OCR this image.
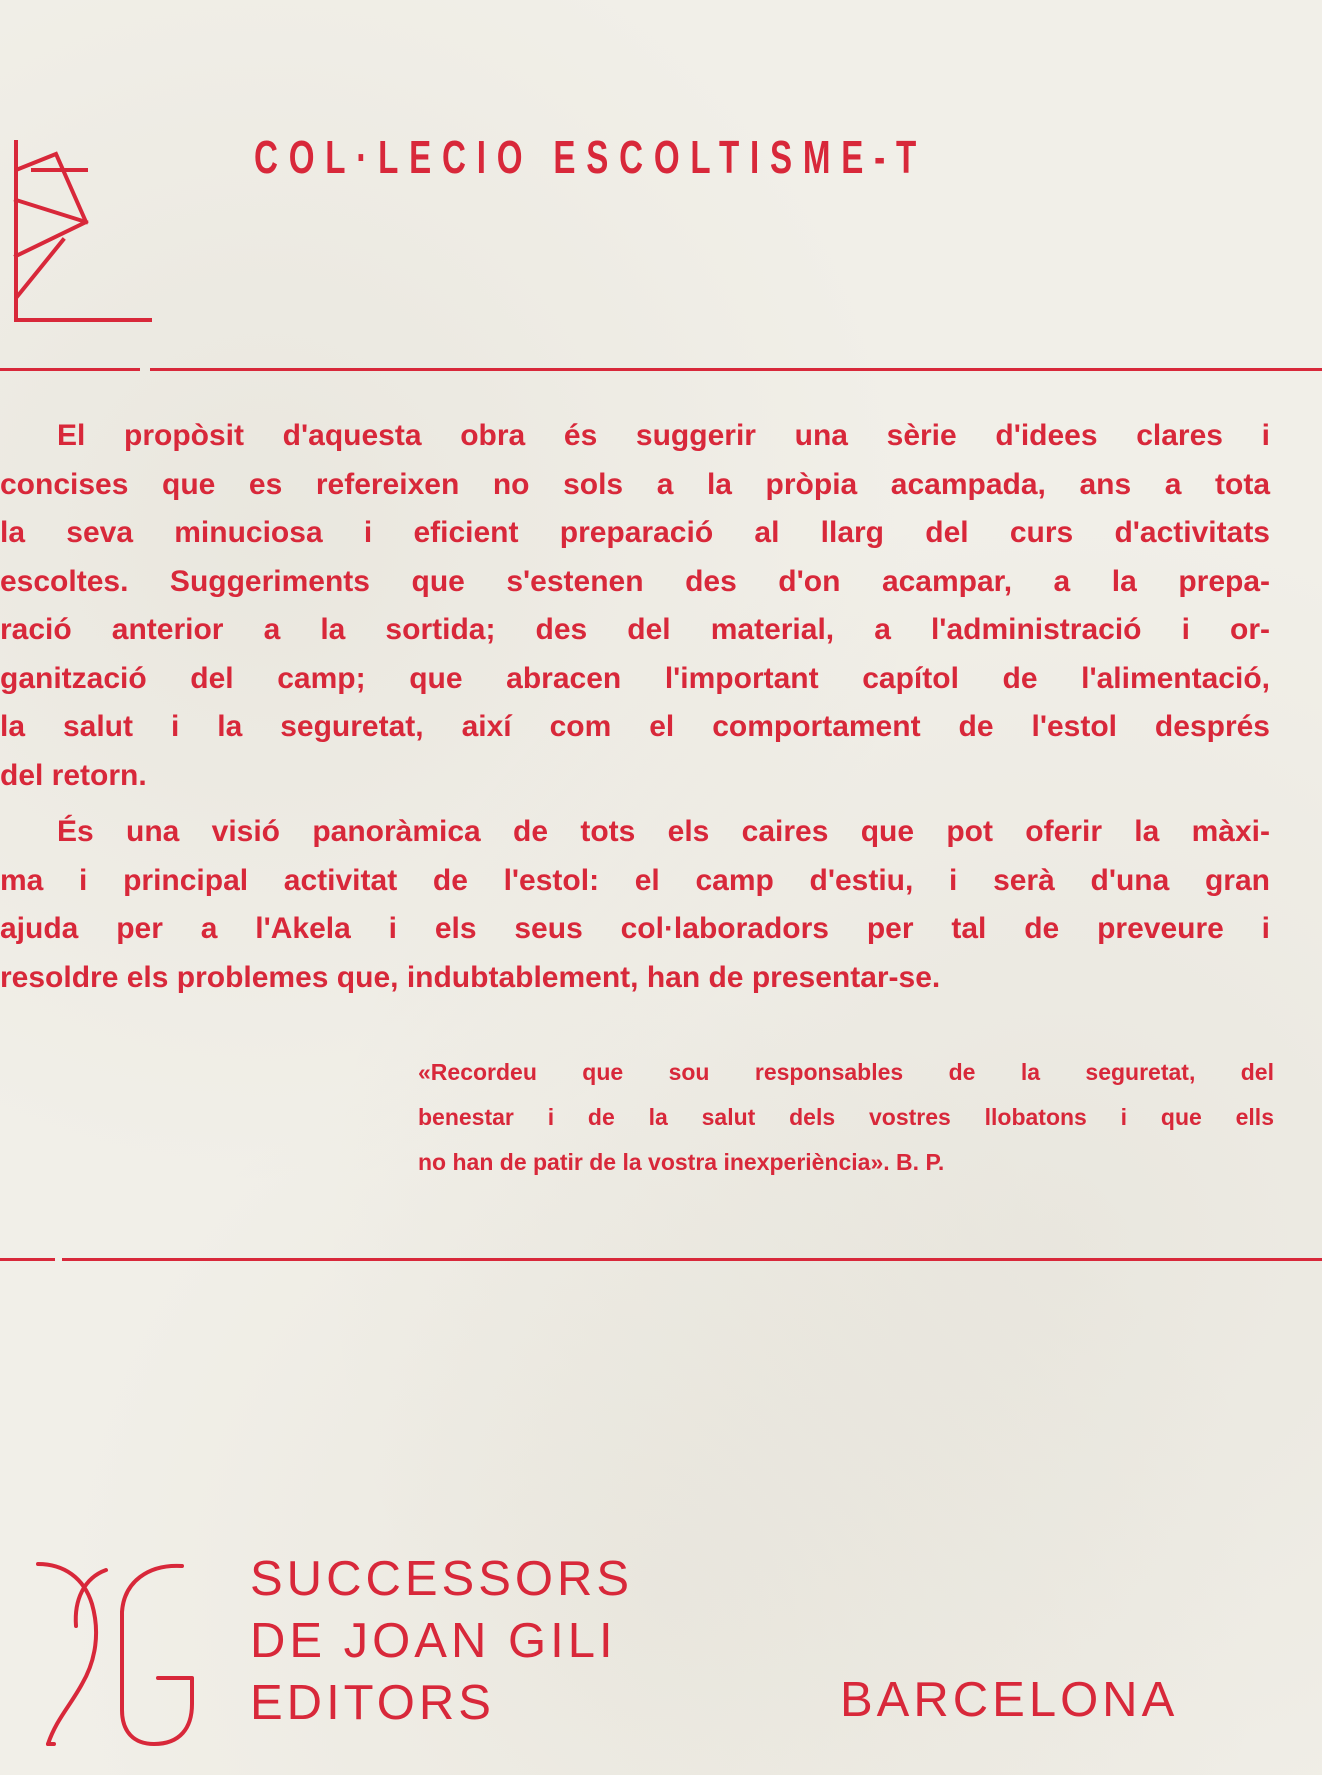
COL·LECIO ESCOLTISME-T
El propòsit d'aquesta obra és suggerir una sèrie d'idees clares i
concises que es refereixen no sols a la pròpia acampada, ans a tota
la seva minuciosa i eficient preparació al llarg del curs d'activitats
escoltes. Suggeriments que s'estenen des d'on acampar, a la prepa-
ració anterior a la sortida; des del material, a l'administració i or-
ganització del camp; que abracen l'important capítol de l'alimentació,
la salut i la seguretat, així com el comportament de l'estol després
del retorn.
És una visió panoràmica de tots els caires que pot oferir la màxi-
ma i principal activitat de l'estol: el camp d'estiu, i serà d'una gran
ajuda per a l'Akela i els seus col·laboradors per tal de preveure i
resoldre els problemes que, indubtablement, han de presentar-se.
«Recordeu que sou responsables de la seguretat, del
benestar i de la salut dels vostres llobatons i que ells
no han de patir de la vostra inexperiència». B. P.
SUCCESSORS
DE JOAN GILI
EDITORS	BARCELONA
